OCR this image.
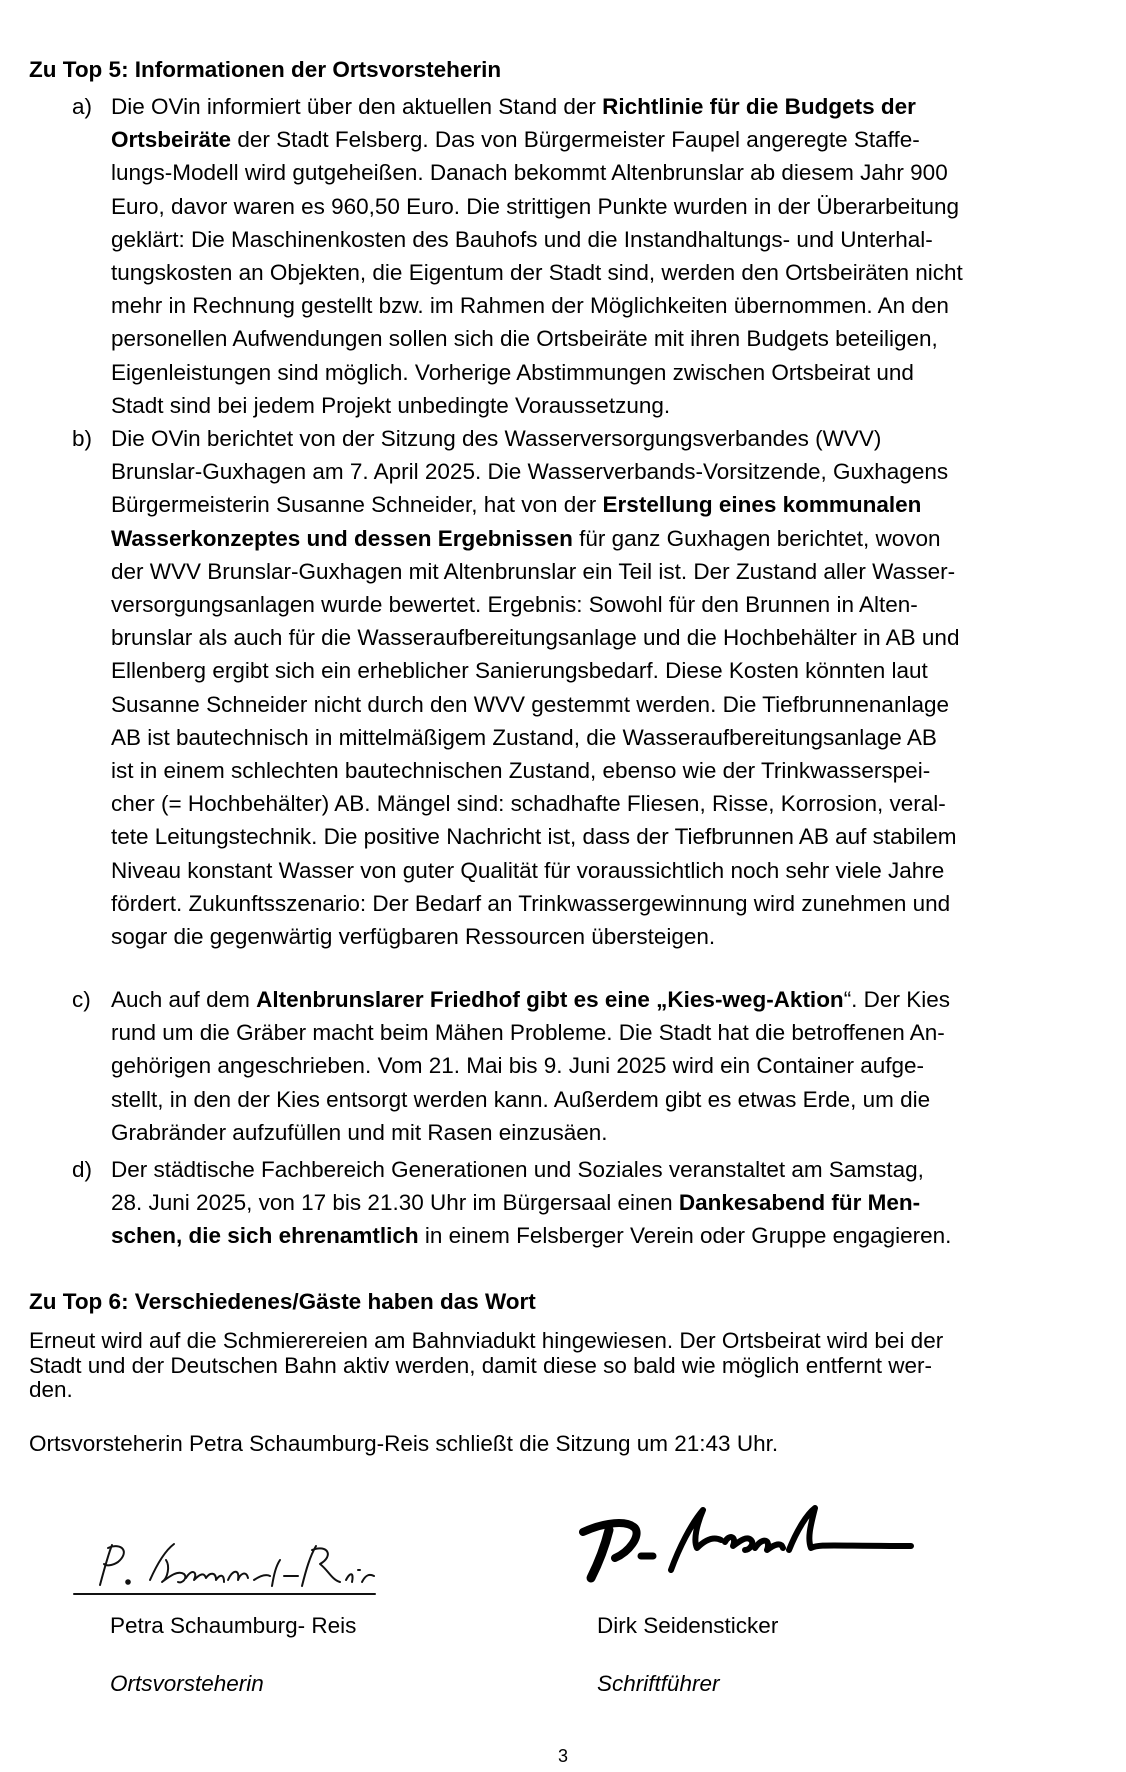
Zu Top 5: Informationen der Ortsvorsteherin
a) Die OVin informiert über den aktuellen Stand der Richtlinie für die Budgets der
Ortsbeiräte der Stadt Felsberg. Das von Bürgermeister Faupel angeregte Staffe-
lungs-Modell wird gutgeheißen. Danach bekommt Altenbrunslar ab diesem Jahr 900
Euro, davor waren es 960,50 Euro. Die strittigen Punkte wurden in der Überarbeitung
geklärt: Die Maschinenkosten des Bauhofs und die Instandhaltungs- und Unterhal-
tungskosten an Objekten, die Eigentum der Stadt sind, werden den Ortsbeiräten nicht
mehr in Rechnung gestellt bzw. im Rahmen der Möglichkeiten übernommen. An den
personellen Aufwendungen sollen sich die Ortsbeiräte mit ihren Budgets beteiligen,
Eigenleistungen sind möglich. Vorherige Abstimmungen zwischen Ortsbeirat und
Stadt sind bei jedem Projekt unbedingte Voraussetzung.
b) Die OVin berichtet von der Sitzung des Wasserversorgungsverbandes (WVV)
Brunslar-Guxhagen am 7. April 2025. Die Wasserverbands-Vorsitzende, Guxhagens
Bürgermeisterin Susanne Schneider, hat von der Erstellung eines kommunalen
Wasserkonzeptes und dessen Ergebnissen für ganz Guxhagen berichtet, wovon
der WVV Brunslar-Guxhagen mit Altenbrunslar ein Teil ist. Der Zustand aller Wasser-
versorgungsanlagen wurde bewertet. Ergebnis: Sowohl für den Brunnen in Alten-
brunslar als auch für die Wasseraufbereitungsanlage und die Hochbehälter in AB und
Ellenberg ergibt sich ein erheblicher Sanierungsbedarf. Diese Kosten könnten laut
Susanne Schneider nicht durch den WVV gestemmt werden. Die Tiefbrunnenanlage
AB ist bautechnisch in mittelmäßigem Zustand, die Wasseraufbereitungsanlage AB
ist in einem schlechten bautechnischen Zustand, ebenso wie der Trinkwasserspei-
cher (= Hochbehälter) AB. Mängel sind: schadhafte Fliesen, Risse, Korrosion, veral-
tete Leitungstechnik. Die positive Nachricht ist, dass der Tiefbrunnen AB auf stabilem
Niveau konstant Wasser von guter Qualität für voraussichtlich noch sehr viele Jahre
fördert. Zukunftsszenario: Der Bedarf an Trinkwassergewinnung wird zunehmen und
sogar die gegenwärtig verfügbaren Ressourcen übersteigen.
c) Auch auf dem Altenbrunslarer Friedhof gibt es eine „Kies-weg-Aktion“. Der Kies
rund um die Gräber macht beim Mähen Probleme. Die Stadt hat die betroffenen An-
gehörigen angeschrieben. Vom 21. Mai bis 9. Juni 2025 wird ein Container aufge-
stellt, in den der Kies entsorgt werden kann. Außerdem gibt es etwas Erde, um die
Grabränder aufzufüllen und mit Rasen einzusäen.
d) Der städtische Fachbereich Generationen und Soziales veranstaltet am Samstag,
28. Juni 2025, von 17 bis 21.30 Uhr im Bürgersaal einen Dankesabend für Men-
schen, die sich ehrenamtlich in einem Felsberger Verein oder Gruppe engagieren.
Zu Top 6: Verschiedenes/Gäste haben das Wort
Erneut wird auf die Schmierereien am Bahnviadukt hingewiesen. Der Ortsbeirat wird bei der
Stadt und der Deutschen Bahn aktiv werden, damit diese so bald wie möglich entfernt wer-
den.
Ortsvorsteherin Petra Schaumburg-Reis schließt die Sitzung um 21:43 Uhr.
Petra Schaumburg- Reis
Ortsvorsteherin
Dirk Seidensticker
Schriftführer
3
